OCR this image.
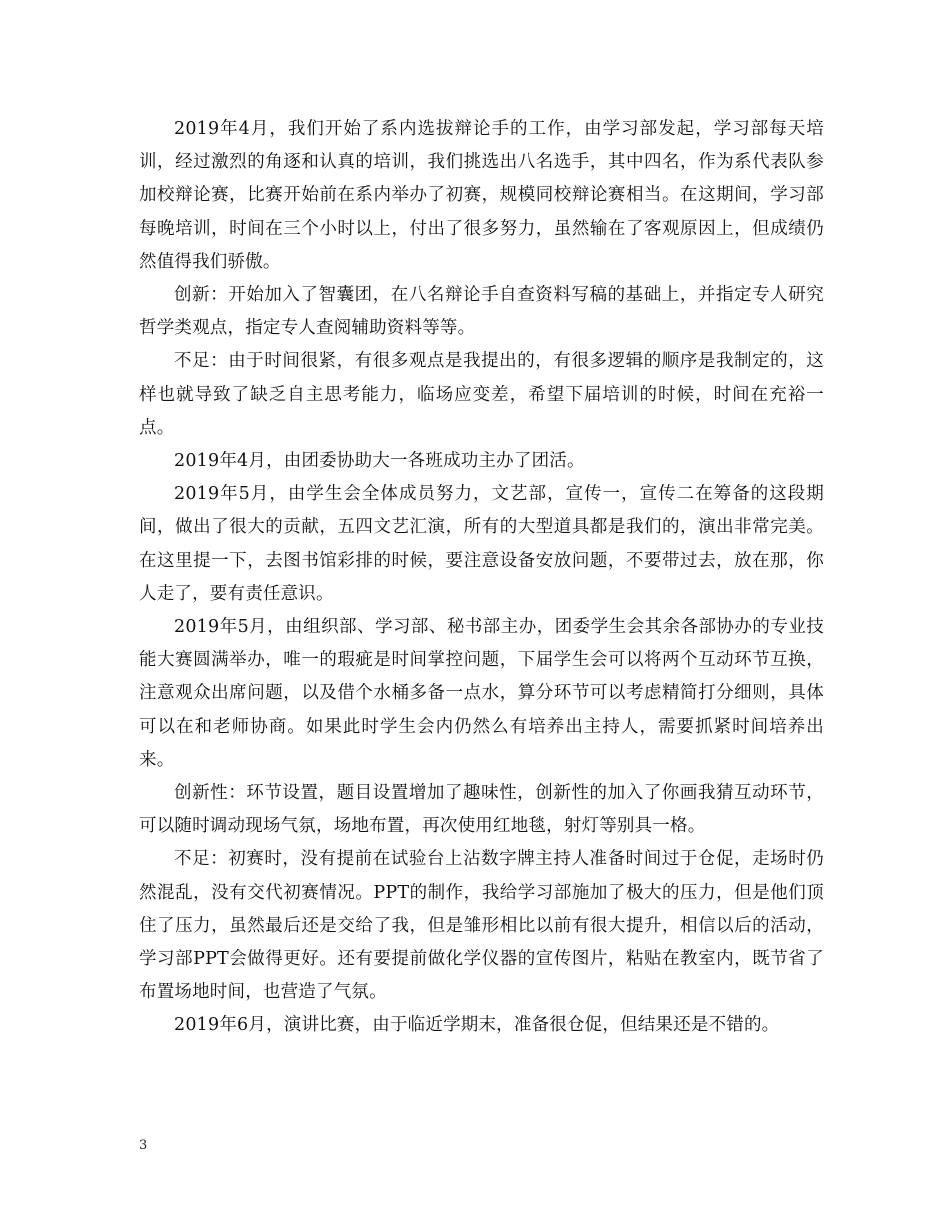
2019年4月，我们开始了系内选拔辩论手的工作，由学习部发起，学习部每天培训，经过激烈的角逐和认真的培训，我们挑选出八名选手，其中四名，作为系代表队参加校辩论赛，比赛开始前在系内举办了初赛，规模同校辩论赛相当。在这期间，学习部每晚培训，时间在三个小时以上，付出了很多努力，虽然输在了客观原因上，但成绩仍然值得我们骄傲。

创新：开始加入了智囊团，在八名辩论手自查资料写稿的基础上，并指定专人研究哲学类观点，指定专人查阅辅助资料等等。

不足：由于时间很紧，有很多观点是我提出的，有很多逻辑的顺序是我制定的，这样也就导致了缺乏自主思考能力，临场应变差，希望下届培训的时候，时间在充裕一点。

2019年4月，由团委协助大一各班成功主办了团活。

2019年5月，由学生会全体成员努力，文艺部，宣传一，宣传二在筹备的这段期间，做出了很大的贡献，五四文艺汇演，所有的大型道具都是我们的，演出非常完美。在这里提一下，去图书馆彩排的时候，要注意设备安放问题，不要带过去，放在那，你人走了，要有责任意识。

2019年5月，由组织部、学习部、秘书部主办，团委学生会其余各部协办的专业技能大赛圆满举办，唯一的瑕疵是时间掌控问题，下届学生会可以将两个互动环节互换，注意观众出席问题，以及借个水桶多备一点水，算分环节可以考虑精简打分细则，具体可以在和老师协商。如果此时学生会内仍然么有培养出主持人，需要抓紧时间培养出来。

创新性：环节设置，题目设置增加了趣味性，创新性的加入了你画我猜互动环节，可以随时调动现场气氛，场地布置，再次使用红地毯，射灯等别具一格。

不足：初赛时，没有提前在试验台上沾数字牌主持人准备时间过于仓促，走场时仍然混乱，没有交代初赛情况。PPT的制作，我给学习部施加了极大的压力，但是他们顶住了压力，虽然最后还是交给了我，但是雏形相比以前有很大提升，相信以后的活动，学习部PPT会做得更好。还有要提前做化学仪器的宣传图片，粘贴在教室内，既节省了布置场地时间，也营造了气氛。

2019年6月，演讲比赛，由于临近学期末，准备很仓促，但结果还是不错的。

3
